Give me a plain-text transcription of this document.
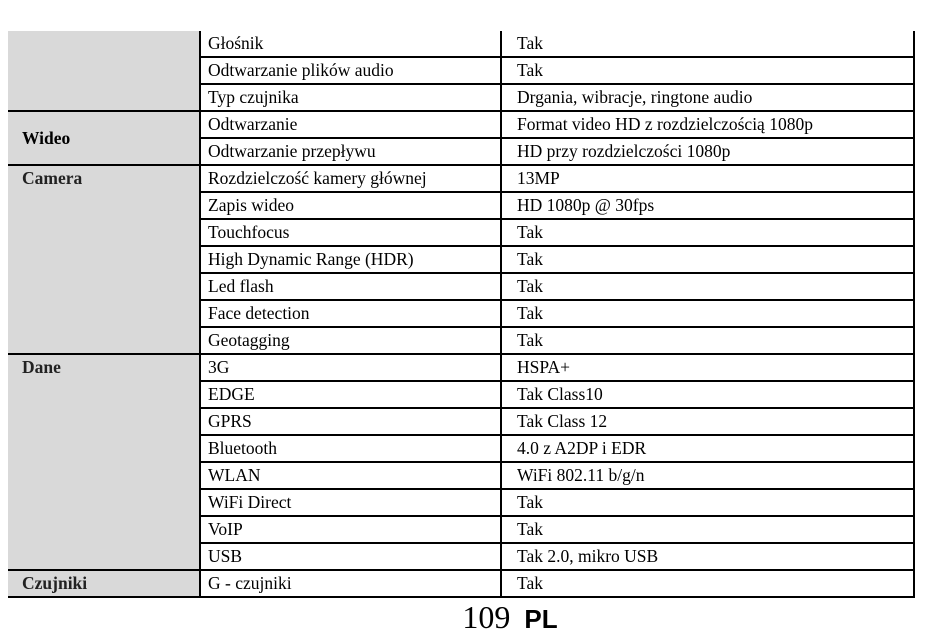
	Głośnik	Tak
	Odtwarzanie plików audio	Tak
	Typ czujnika	Drgania, wibracje, ringtone audio
Wideo	Odtwarzanie	Format video HD z rozdzielczością 1080p
	Odtwarzanie przepływu	HD przy rozdzielczości 1080p
Camera	Rozdzielczość kamery głównej	13MP
	Zapis wideo	HD 1080p @ 30fps
	Touchfocus	Tak
	High Dynamic Range (HDR)	Tak
	Led flash	Tak
	Face detection	Tak
	Geotagging	Tak
Dane	3G	HSPA+
	EDGE	Tak Class10
	GPRS	Tak Class 12
	Bluetooth	4.0 z A2DP i EDR
	WLAN	WiFi 802.11 b/g/n
	WiFi Direct	Tak
	VoIP	Tak
	USB	Tak 2.0, mikro USB
Czujniki	G - czujniki	Tak
109 PL
